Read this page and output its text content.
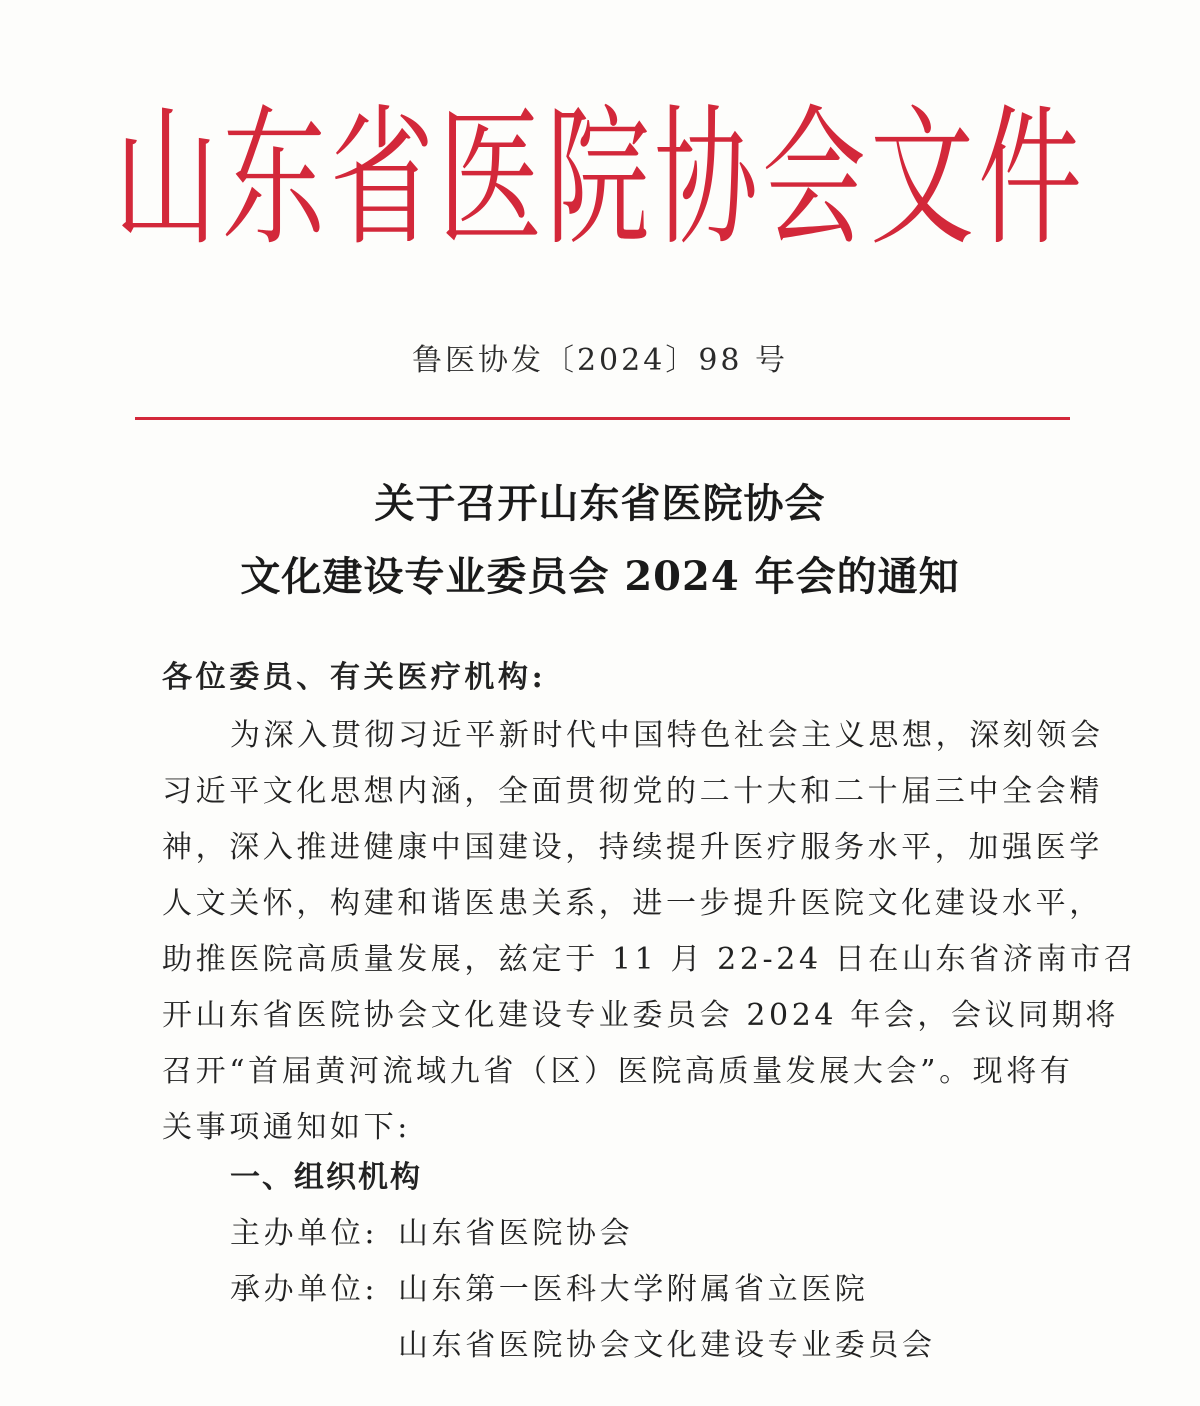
山东省医院协会文件
鲁医协发〔2024〕98 号
关于召开山东省医院协会
文化建设专业委员会 2024 年会的通知
各位委员、有关医疗机构:
为深入贯彻习近平新时代中国特色社会主义思想，深刻领会
习近平文化思想内涵，全面贯彻党的二十大和二十届三中全会精
神，深入推进健康中国建设，持续提升医疗服务水平，加强医学
人文关怀，构建和谐医患关系，进一步提升医院文化建设水平，
助推医院高质量发展，兹定于 11 月 22-24 日在山东省济南市召
开山东省医院协会文化建设专业委员会 2024 年会，会议同期将
召开“首届黄河流域九省（区）医院高质量发展大会”。现将有
关事项通知如下:
一、组织机构
主办单位: 山东省医院协会
承办单位: 山东第一医科大学附属省立医院
山东省医院协会文化建设专业委员会
